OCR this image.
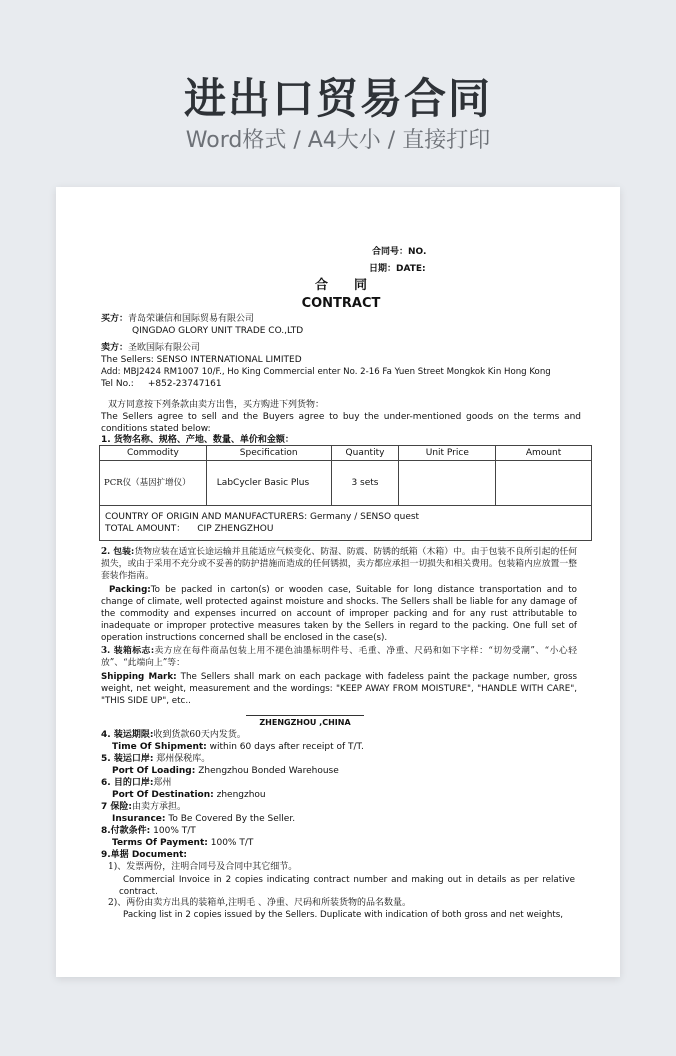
进出口贸易合同
Word格式 / A4大小 / 直接打印
合同号：NO.
日期：DATE:
合　　同
CONTRACT
买方：青岛荣谦信和国际贸易有限公司
QINGDAO GLORY UNIT TRADE CO.,LTD
卖方：圣欧国际有限公司
The Sellers: SENSO INTERNATIONAL LIMITED
Add: MBJ2424 RM1007 10/F., Ho King Commercial enter No. 2-16 Fa Yuen Street Mongkok Kin Hong Kong
Tel No.: +852-23747161
双方同意按下列条款由卖方出售，买方购进下列货物：
The Sellers agree to sell and the Buyers agree to buy the under-mentioned goods on the terms and conditions stated below:
1. 货物名称、规格、产地、数量、单价和金额：
Commodity	Specification	Quantity	Unit Price	Amount
PCR仪（基因扩增仪）	LabCycler Basic Plus	3 sets		

COUNTRY OF ORIGIN AND MANUFACTURERS: Germany / SENSO quest
TOTAL AMOUNT： CIP ZHENGZHOU				
2. 包装:货物应装在适宜长途运输并且能适应气候变化、防湿、防震、防锈的纸箱（木箱）中。由于包装不良所引起的任何损失，或由于采用不充分或不妥善的防护措施而造成的任何锈损，卖方都应承担一切损失和相关费用。包装箱内应放置一整套装作指南。
Packing:To be packed in carton(s) or wooden case, Suitable for long distance transportation and to change of climate, well protected against moisture and shocks. The Sellers shall be liable for any damage of the commodity and expenses incurred on account of improper packing and for any rust attributable to inadequate or improper protective measures taken by the Sellers in regard to the packing. One full set of operation instructions concerned shall be enclosed in the case(s).
3. 装箱标志:卖方应在每件商品包装上用不褪色油墨标明件号、毛重、净重、尺码和如下字样：“切勿受潮”、“小心轻放”、“此端向上”等：
Shipping Mark: The Sellers shall mark on each package with fadeless paint the package number, gross weight, net weight, measurement and the wordings: "KEEP AWAY FROM MOISTURE", "HANDLE WITH CARE", "THIS SIDE UP", etc..
ZHENGZHOU ,CHINA
4. 装运期限:收到货款60天内发货。
Time Of Shipment: within 60 days after receipt of T/T.
5. 装运口岸: 郑州保税库。
Port Of Loading: Zhengzhou Bonded Warehouse
6. 目的口岸:郑州
Port Of Destination: zhengzhou
7 保险:由卖方承担。
Insurance: To Be Covered By the Seller.
8.付款条件: 100% T/T
Terms Of Payment: 100% T/T
9.单据 Document:
1)、发票两份，注明合同号及合同中其它细节。
Commercial Invoice in 2 copies indicating contract number and making out in details as per relative contract.
2)、两份由卖方出具的装箱单,注明毛 、净重、尺码和所装货物的品名数量。
Packing list in 2 copies issued by the Sellers. Duplicate with indication of both gross and net weights,
